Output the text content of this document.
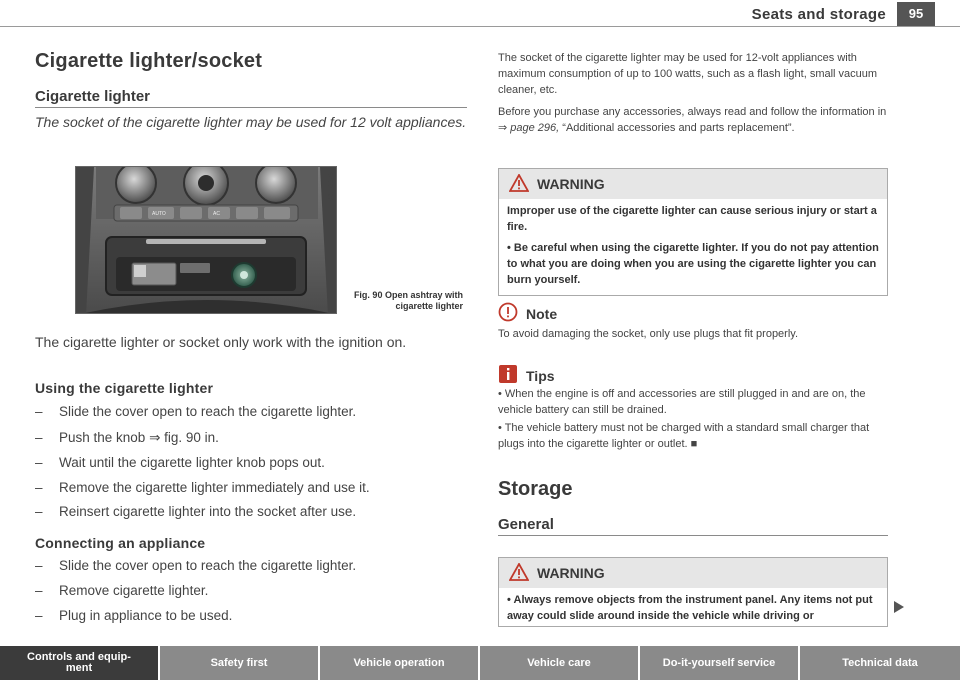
Seats and storage	95
Cigarette lighter/socket
Cigarette lighter
The socket of the cigarette lighter may be used for 12 volt appliances.
AUTO	AC
B8J-0029
Fig. 90 Open ashtray with cigarette lighter
The cigarette lighter or socket only work with the ignition on.
Using the cigarette lighter
– Slide the cover open to reach the cigarette lighter.
– Push the knob ⇒ fig. 90 in.
– Wait until the cigarette lighter knob pops out.
– Remove the cigarette lighter immediately and use it.
– Reinsert cigarette lighter into the socket after use.
Connecting an appliance
– Slide the cover open to reach the cigarette lighter.
– Remove cigarette lighter.
– Plug in appliance to be used.
The socket of the cigarette lighter may be used for 12-volt appliances with maximum consumption of up to 100 watts, such as a flash light, small vacuum cleaner, etc.
Before you purchase any accessories, always read and follow the information in ⇒ page 296, “Additional accessories and parts replacement”.
WARNING

Improper use of the cigarette lighter can cause serious injury or start a fire.

• Be careful when using the cigarette lighter. If you do not pay attention to what you are doing when you are using the cigarette lighter you can burn yourself.

Note
To avoid damaging the socket, only use plugs that fit properly.
Tips
• When the engine is off and accessories are still plugged in and are on, the vehicle battery can still be drained.
• The vehicle battery must not be charged with a standard small charger that plugs into the cigarette lighter or outlet. ■
Storage
General
WARNING

• Always remove objects from the instrument panel. Any items not put away could slide around inside the vehicle while driving or

Controls and equip-
ment	Safety first	Vehicle operation	Vehicle care	Do-it-yourself service	Technical data
